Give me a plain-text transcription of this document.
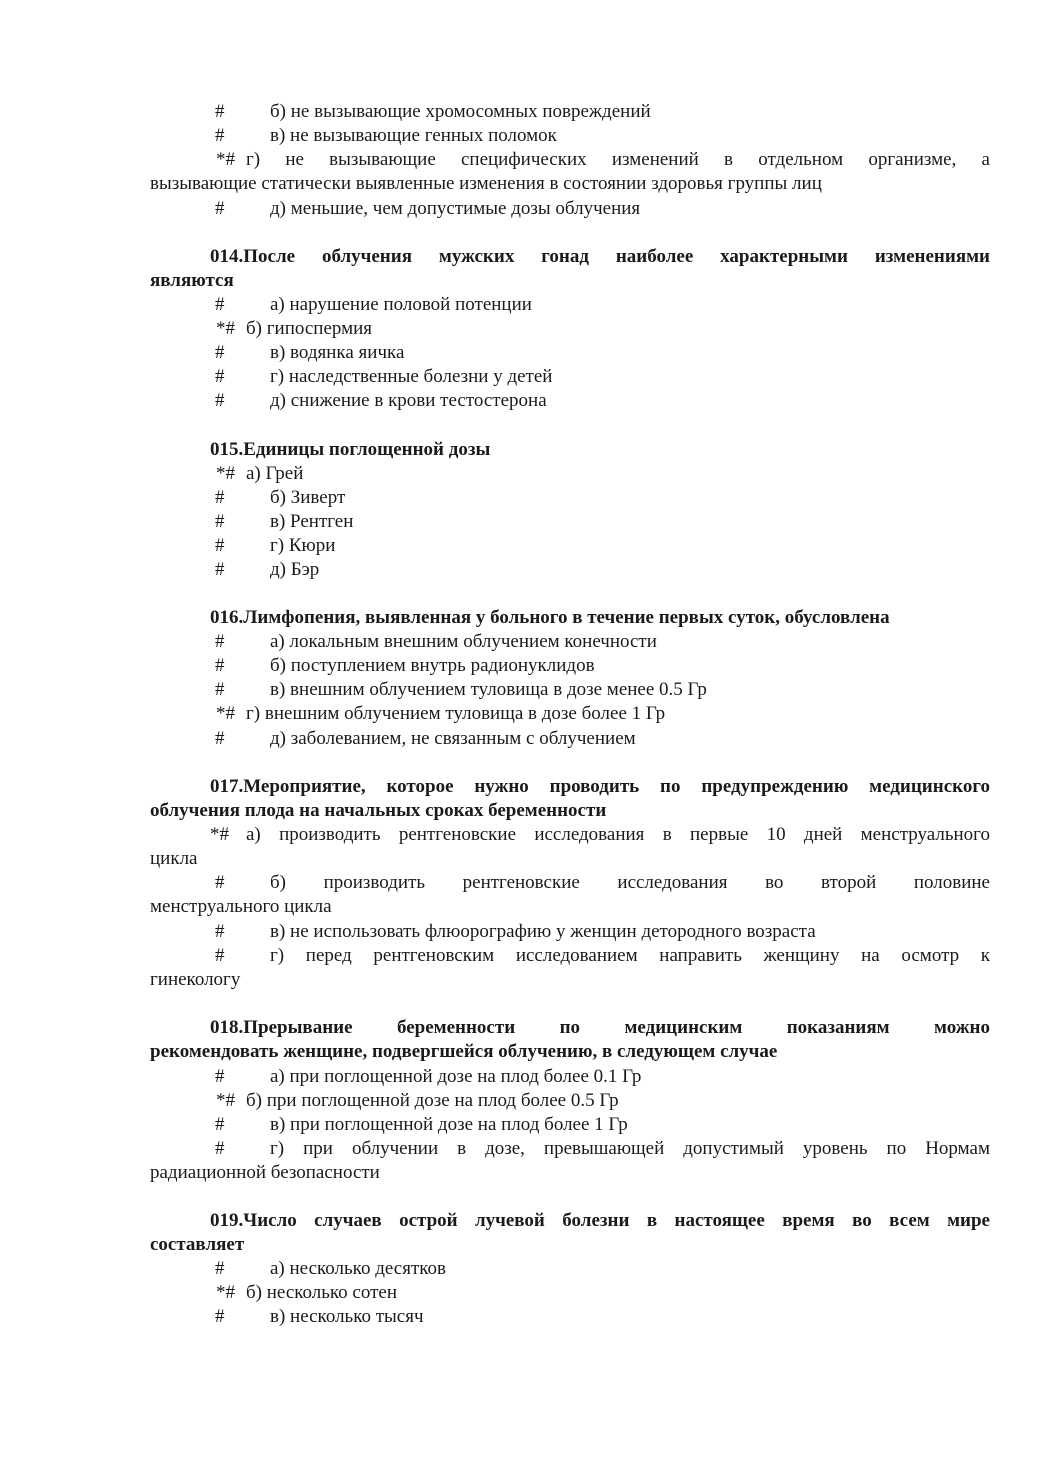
# б) не вызывающие хромосомных повреждений
# в) не вызывающие генных поломок
*# г) не вызывающие специфических изменений в отдельном организме, а
вызывающие статически выявленные изменения в состоянии здоровья группы лиц
# д) меньшие, чем допустимые дозы облучения
014.После облучения мужских гонад наиболее характерными изменениями
являются
# а) нарушение половой потенции
*# б) гипоспермия
# в) водянка яичка
# г) наследственные болезни у детей
# д) снижение в крови тестостерона
015.Единицы поглощенной дозы
*# а) Грей
# б) Зиверт
# в) Рентген
# г) Кюри
# д) Бэр
016.Лимфопения, выявленная у больного в течение первых суток, обусловлена
# а) локальным внешним облучением конечности
# б) поступлением внутрь радионуклидов
# в) внешним облучением туловища в дозе менее 0.5 Гр
*# г) внешним облучением туловища в дозе более 1 Гр
# д) заболеванием, не связанным с облучением
017.Мероприятие, которое нужно проводить по предупреждению медицинского
облучения плода на начальных сроках беременности
*# а) производить рентгеновские исследования в первые 10 дней менструального
цикла
# б) производить рентгеновские исследования во второй половине
менструального цикла
# в) не использовать флюорографию у женщин детородного возраста
# г) перед рентгеновским исследованием направить женщину на осмотр к
гинекологу
018.Прерывание беременности по медицинским показаниям можно
рекомендовать женщине, подвергшейся облучению, в следующем случае
# а) при поглощенной дозе на плод более 0.1 Гр
*# б) при поглощенной дозе на плод более 0.5 Гр
# в) при поглощенной дозе на плод более 1 Гр
# г) при облучении в дозе, превышающей допустимый уровень по Нормам
радиационной безопасности
019.Число случаев острой лучевой болезни в настоящее время во всем мире
составляет
# а) несколько десятков
*# б) несколько сотен
# в) несколько тысяч
